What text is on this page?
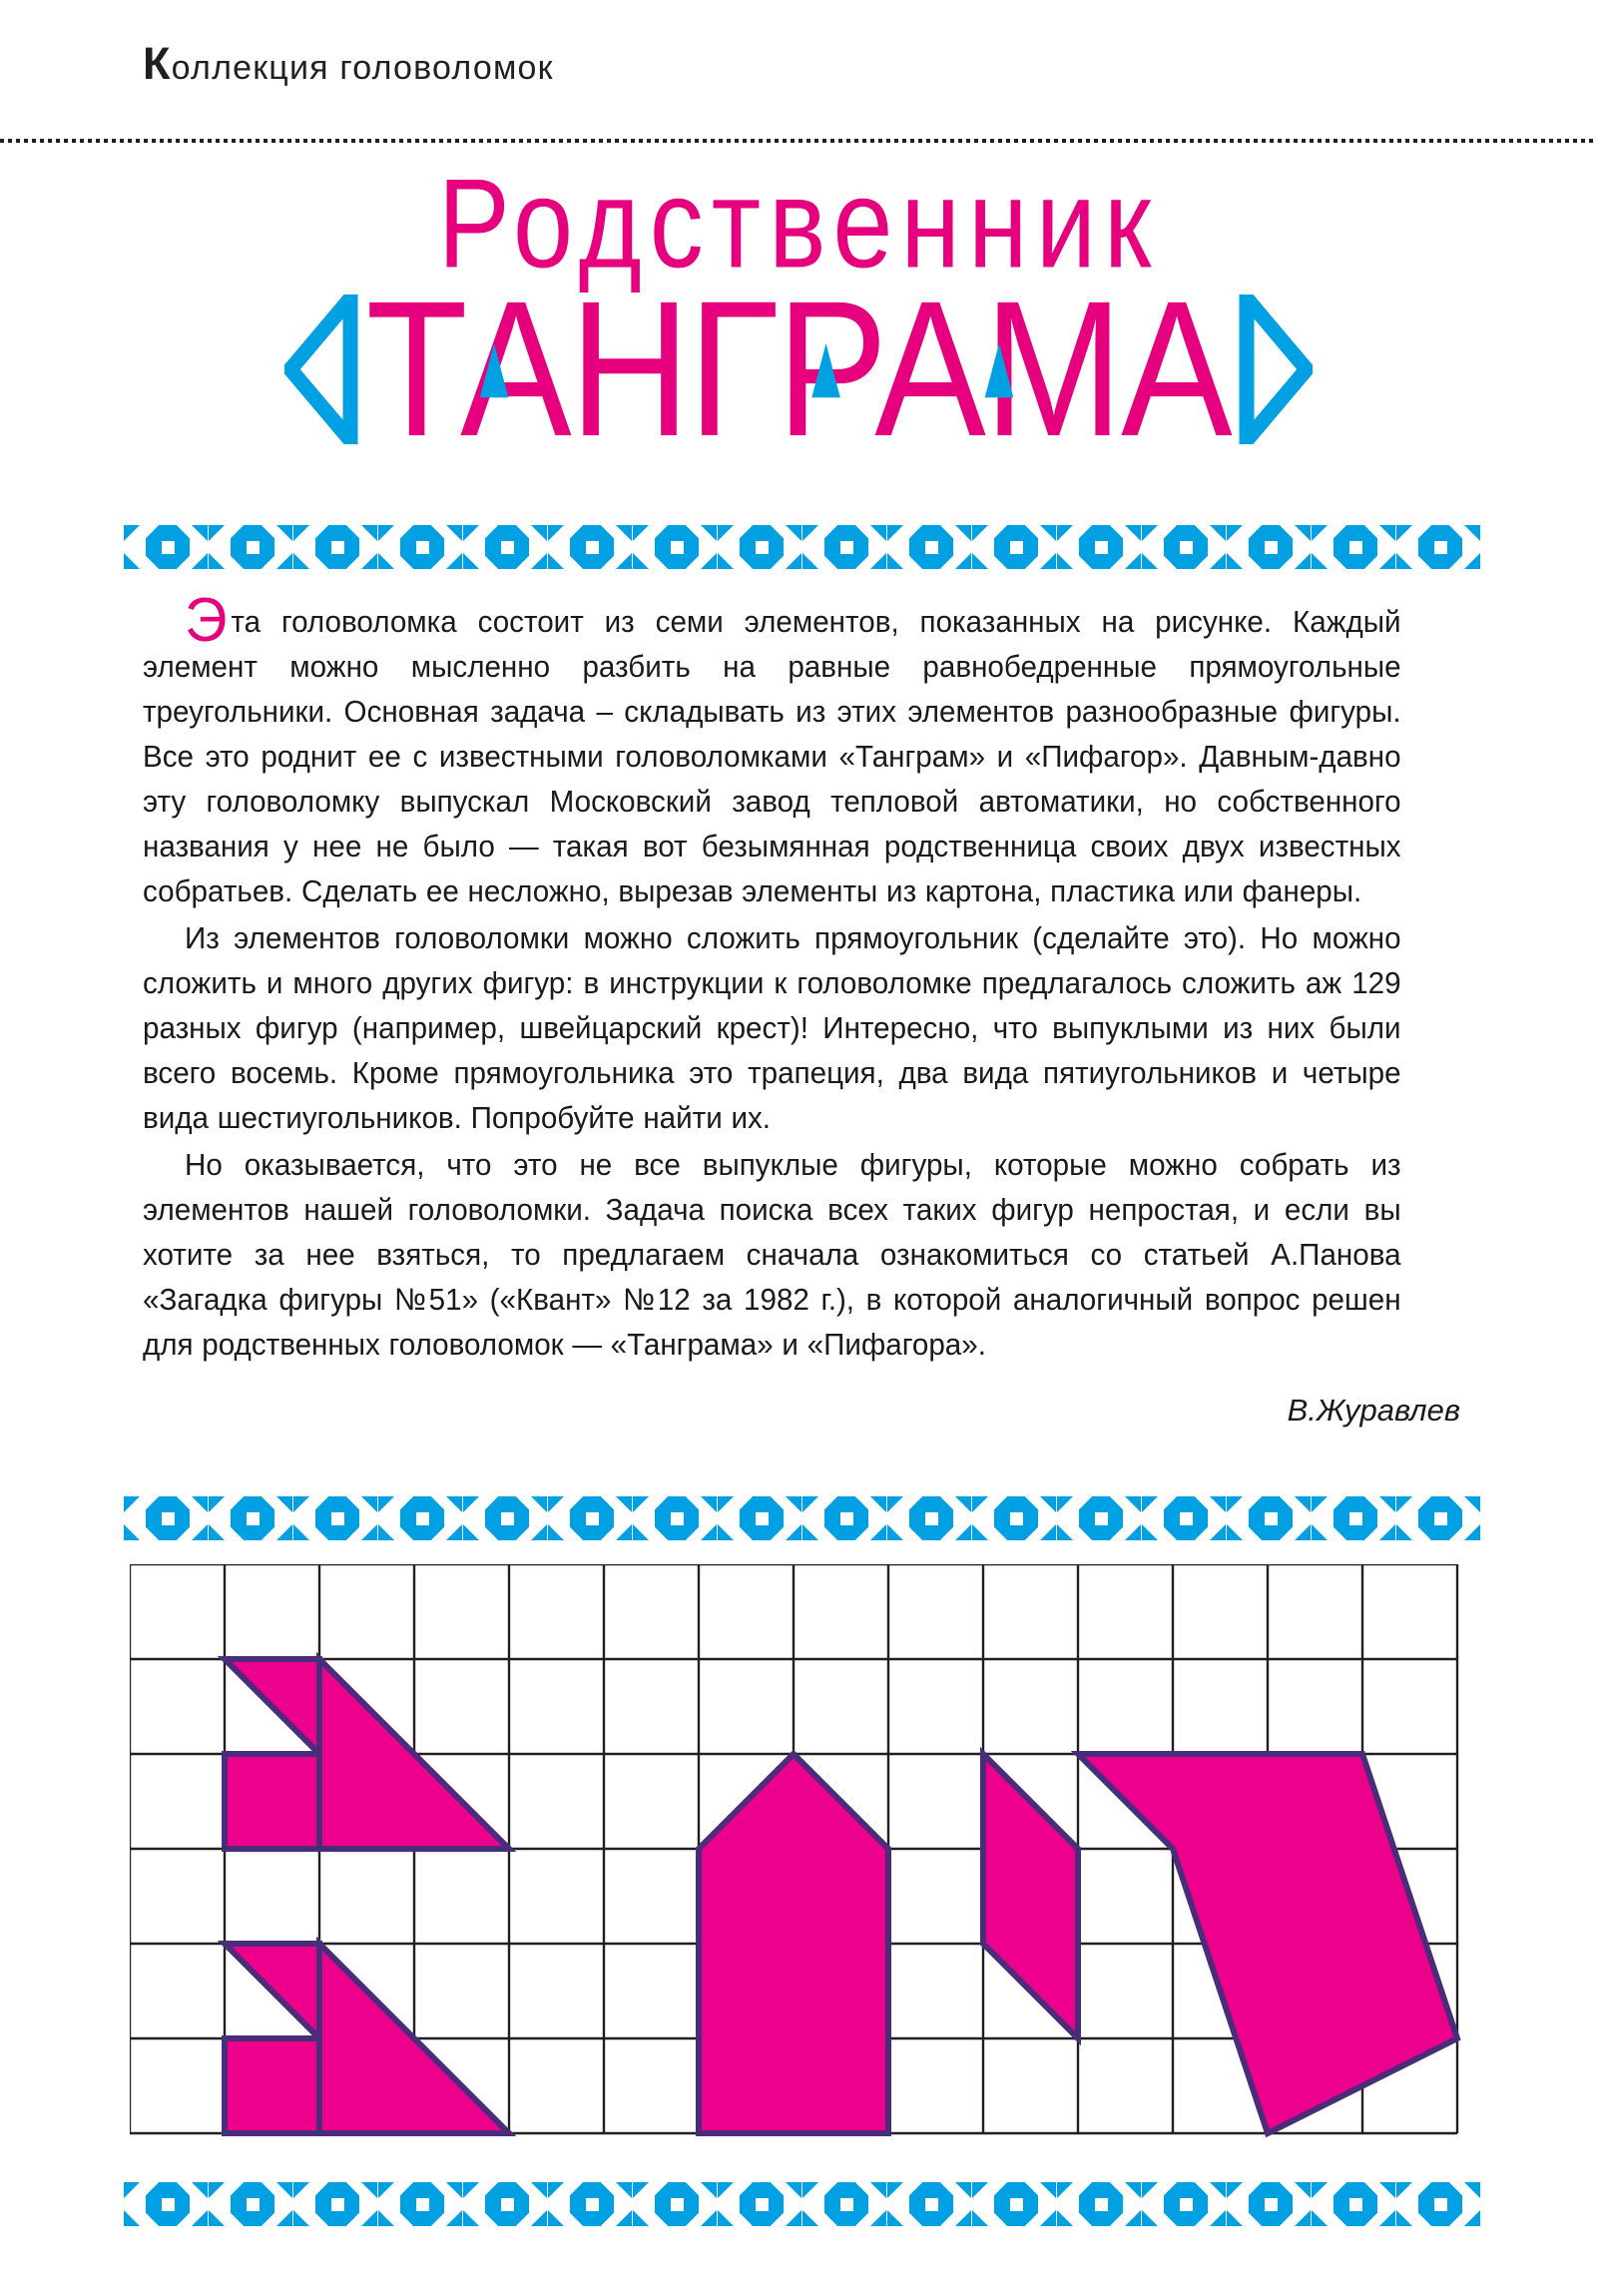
Коллекция головоломок
Родственник
ТАНГРАМА

Эта головоломка состоит из семи элементов, показанных на рисунке. Каждый элемент можно мысленно разбить на равные равнобедренные прямоугольные треугольники. Основная задача – складывать из этих элементов разнообразные фигуры. Все это роднит ее с известными головоломками «Танграм» и «Пифагор». Давным-давно эту головоломку выпускал Московский завод тепловой автоматики, но собственного названия у нее не было — такая вот безымянная родственница своих двух известных собратьев. Сделать ее несложно, вырезав элементы из картона, пластика или фанеры.

Из элементов головоломки можно сложить прямоугольник (сделайте это). Но можно сложить и много других фигур: в инструкции к головоломке предлагалось сложить аж 129 разных фигур (например, швейцарский крест)! Интересно, что выпуклыми из них были всего восемь. Кроме прямоугольника это трапеция, два вида пятиугольников и четыре вида шестиугольников. Попробуйте найти их.

Но оказывается, что это не все выпуклые фигуры, которые можно собрать из элементов нашей головоломки. Задача поиска всех таких фигур непростая, и если вы хотите за нее взяться, то предлагаем сначала ознакомиться со статьей А.Панова «Загадка фигуры №51» («Квант» №12 за 1982 г.), в которой аналогичный вопрос решен для родственных головоломок — «Танграма» и «Пифагора».

В.Журавлев
